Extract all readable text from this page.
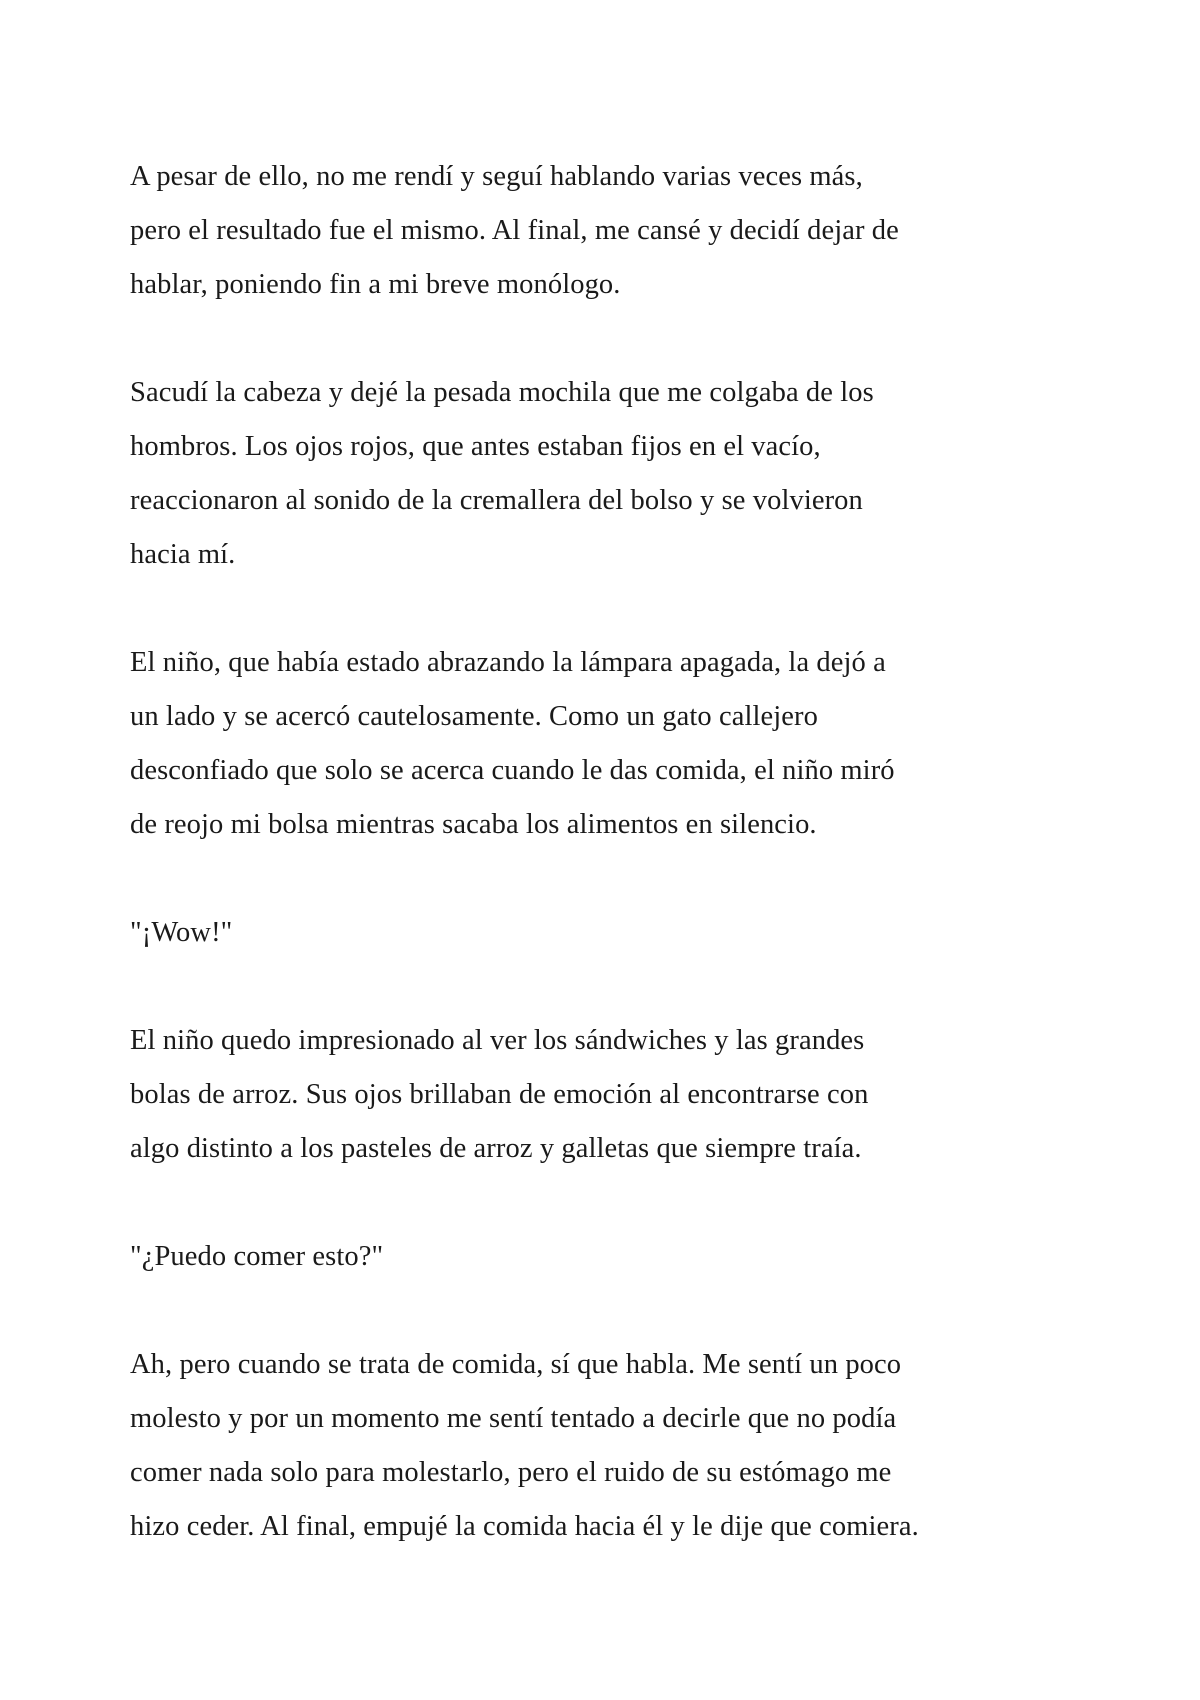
A pesar de ello, no me rendí y seguí hablando varias veces más,
pero el resultado fue el mismo. Al final, me cansé y decidí dejar de
hablar, poniendo fin a mi breve monólogo.

Sacudí la cabeza y dejé la pesada mochila que me colgaba de los
hombros. Los ojos rojos, que antes estaban fijos en el vacío,
reaccionaron al sonido de la cremallera del bolso y se volvieron
hacia mí.

El niño, que había estado abrazando la lámpara apagada, la dejó a
un lado y se acercó cautelosamente. Como un gato callejero
desconfiado que solo se acerca cuando le das comida, el niño miró
de reojo mi bolsa mientras sacaba los alimentos en silencio.

"¡Wow!"

El niño quedo impresionado al ver los sándwiches y las grandes
bolas de arroz. Sus ojos brillaban de emoción al encontrarse con
algo distinto a los pasteles de arroz y galletas que siempre traía.

"¿Puedo comer esto?"

Ah, pero cuando se trata de comida, sí que habla. Me sentí un poco
molesto y por un momento me sentí tentado a decirle que no podía
comer nada solo para molestarlo, pero el ruido de su estómago me
hizo ceder. Al final, empujé la comida hacia él y le dije que comiera.
